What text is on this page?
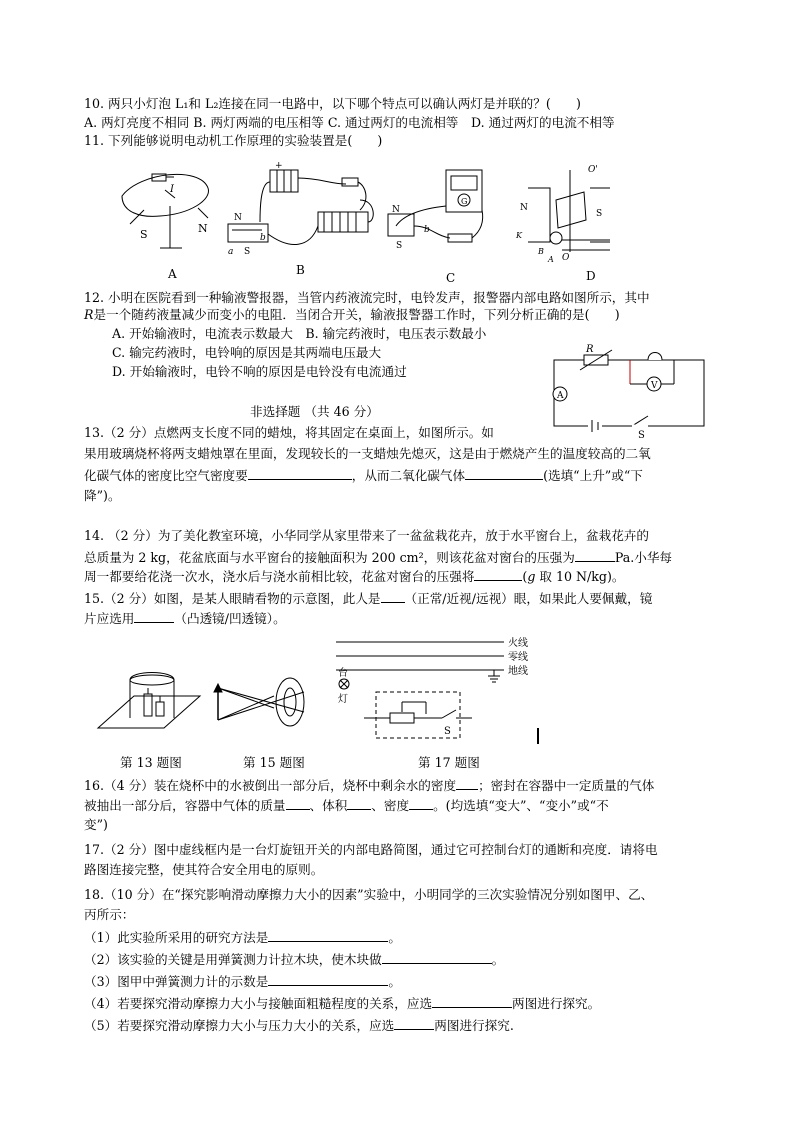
10. 两只小灯泡 L₁和 L₂连接在同一电路中，以下哪个特点可以确认两灯是并联的？(　　)
A. 两灯亮度不相同 B. 两灯两端的电压相等 C. 通过两灯的电流相等　D. 通过两灯的电流不相等
11. 下列能够说明电动机工作原理的实验装置是(　　)
I
S	N
A
+
N
S
a
b
B
G
N
S
b
C
O'
O
N
S
K
B
A
D
12. 小明在医院看到一种输液警报器，当管内药液流完时，电铃发声，报警器内部电路如图所示，其中
R是一个随药液量减少而变小的电阻．当闭合开关，输液报警器工作时，下列分析正确的是(　　)
A. 开始输液时，电流表示数最大　B. 输完药液时，电压表示数最小
C. 输完药液时，电铃响的原因是其两端电压最大
D. 开始输液时，电铃不响的原因是电铃没有电流通过
R
A
V
S
非选择题 （共 46 分）
13.（2 分）点燃两支长度不同的蜡烛，将其固定在桌面上，如图所示。如
果用玻璃烧杯将两支蜡烛罩在里面，发现较长的一支蜡烛先熄灭，这是由于燃烧产生的温度较高的二氧
化碳气体的密度比空气密度要	，从而二氧化碳气体	(选填“上升”或“下
降”)。
14. （2 分）为了美化教室环境，小华同学从家里带来了一盆盆栽花卉，放于水平窗台上，盆栽花卉的
总质量为 2 kg，花盆底面与水平窗台的接触面积为 200 cm²，则该花盆对窗台的压强为	Pa.小华每
周一都要给花浇一次水，浇水后与浇水前相比较，花盆对窗台的压强将	(g 取 10 N/kg)。
15.（2 分）如图，是某人眼睛看物的示意图，此人是 （正常/近视/远视）眼，如果此人要佩戴，镜
片应选用	（凸透镜/凹透镜）。
火线
零线
地线
台
灯
S
第 13 题图	第 15 题图	第 17 题图
16.（4 分）装在烧杯中的水被倒出一部分后，烧杯中剩余水的密度 ；密封在容器中一定质量的气体
被抽出一部分后，容器中气体的质量 、体积 、密度 。(均选填“变大”、“变小”或“不
变”)
17.（2 分）图中虚线框内是一台灯旋钮开关的内部电路简图，通过它可控制台灯的通断和亮度．请将电
路图连接完整，使其符合安全用电的原则。
18.（10 分）在“探究影响滑动摩擦力大小的因素”实验中，小明同学的三次实验情况分别如图甲、乙、
丙所示：
（1）此实验所采用的研究方法是	。
（2）该实验的关键是用弹簧测力计拉木块，使木块做	。
（3）图甲中弹簧测力计的示数是	。
（4）若要探究滑动摩擦力大小与接触面粗糙程度的关系，应选	两图进行探究。
（5）若要探究滑动摩擦力大小与压力大小的关系，应选	两图进行探究.
